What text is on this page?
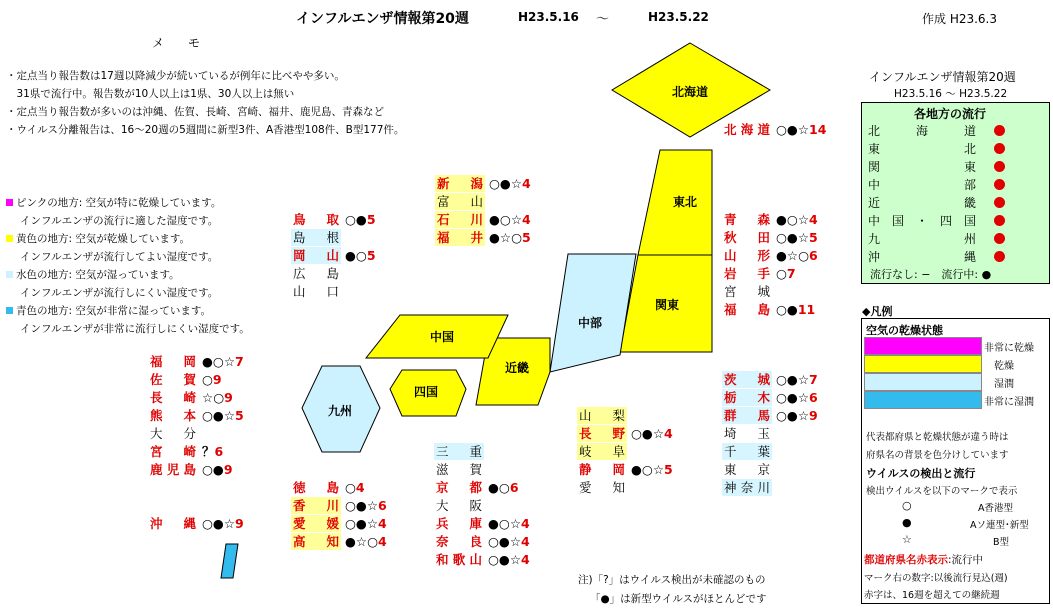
北海道
東北
関東
中部
近畿
中国
四国
九州
インフルエンザ情報第20週	H23.5.16 〜	H23.5.22	作成 H23.6.3
メ　　モ
・定点当り報告数は17週以降減少が続いているが例年に比べやや多い。
　31県で流行中。報告数が10人以上は1県、30人以上は無い
・定点当り報告数が多いのは沖縄、佐賀、長崎、宮崎、福井、鹿児島、青森など
・ウイルス分離報告は、16〜20週の5週間に新型3件、A香港型108件、B型177件。
ピンクの地方: 空気が特に乾燥しています。
インフルエンザの流行に適した湿度です。
黄色の地方: 空気が乾燥しています。
インフルエンザが流行してよい湿度です。
水色の地方: 空気が湿っています。
インフルエンザが流行しにくい湿度です。
青色の地方: 空気が非常に湿っています。
インフルエンザが非常に流行しにくい湿度です。
北海道 ○●☆14
新　潟 ○●☆4
富　山
石　川 ●○☆4
福　井 ●☆○5
鳥　取 ○●5
島　根
岡　山 ●○5
広　島
山　口
青　森 ●○☆4
秋　田 ○●☆5
山　形 ●☆○6
岩　手 ○7
宮　城
福　島 ○●11
福　岡 ●○☆7
佐　賀 ○9
長　崎 ☆○9
熊　本 ○●☆5
大　分
宮　崎 ？6
鹿児島 ○●9
沖　縄 ○●☆9
茨　城 ○●☆7
栃　木 ○●☆6
群　馬 ○●☆9
埼　玉
千　葉
東　京
神奈川
山　梨
長　野 ○●☆4
岐　阜
静　岡 ●○☆5
愛　知
三　重
滋　賀
京　都 ●○6
大　阪
兵　庫 ●○☆4
奈　良 ○●☆4
和歌山 ○●☆4
徳　島 ○4
香　川 ○●☆6
愛　媛 ○●☆4
高　知 ●☆○4
注)「?」はウイルス検出が未確認のもの
「●」は新型ウイルスがほとんどです
インフルエンザ情報第20週
H23.5.16 〜 H23.5.22
各地方の流行
北　海　道
東　　　北
関　　　東
中　　　部
近　　　畿
中国・四国
九　　　州
沖　　　縄
流行なし: −　流行中: ●
◆凡例
空気の乾燥状態
非常に乾燥
乾燥
湿潤
非常に湿潤
代表都府県と乾燥状態が違う時は
府県名の背景を色分けしています
ウイルスの検出と流行
検出ウイルスを以下のマークで表示
○	A香港型
●	Aソ連型･新型
☆	B型
都道府県名赤表示:流行中
マーク右の数字:以後流行見込(週)
赤字は、16週を超えての継続週
